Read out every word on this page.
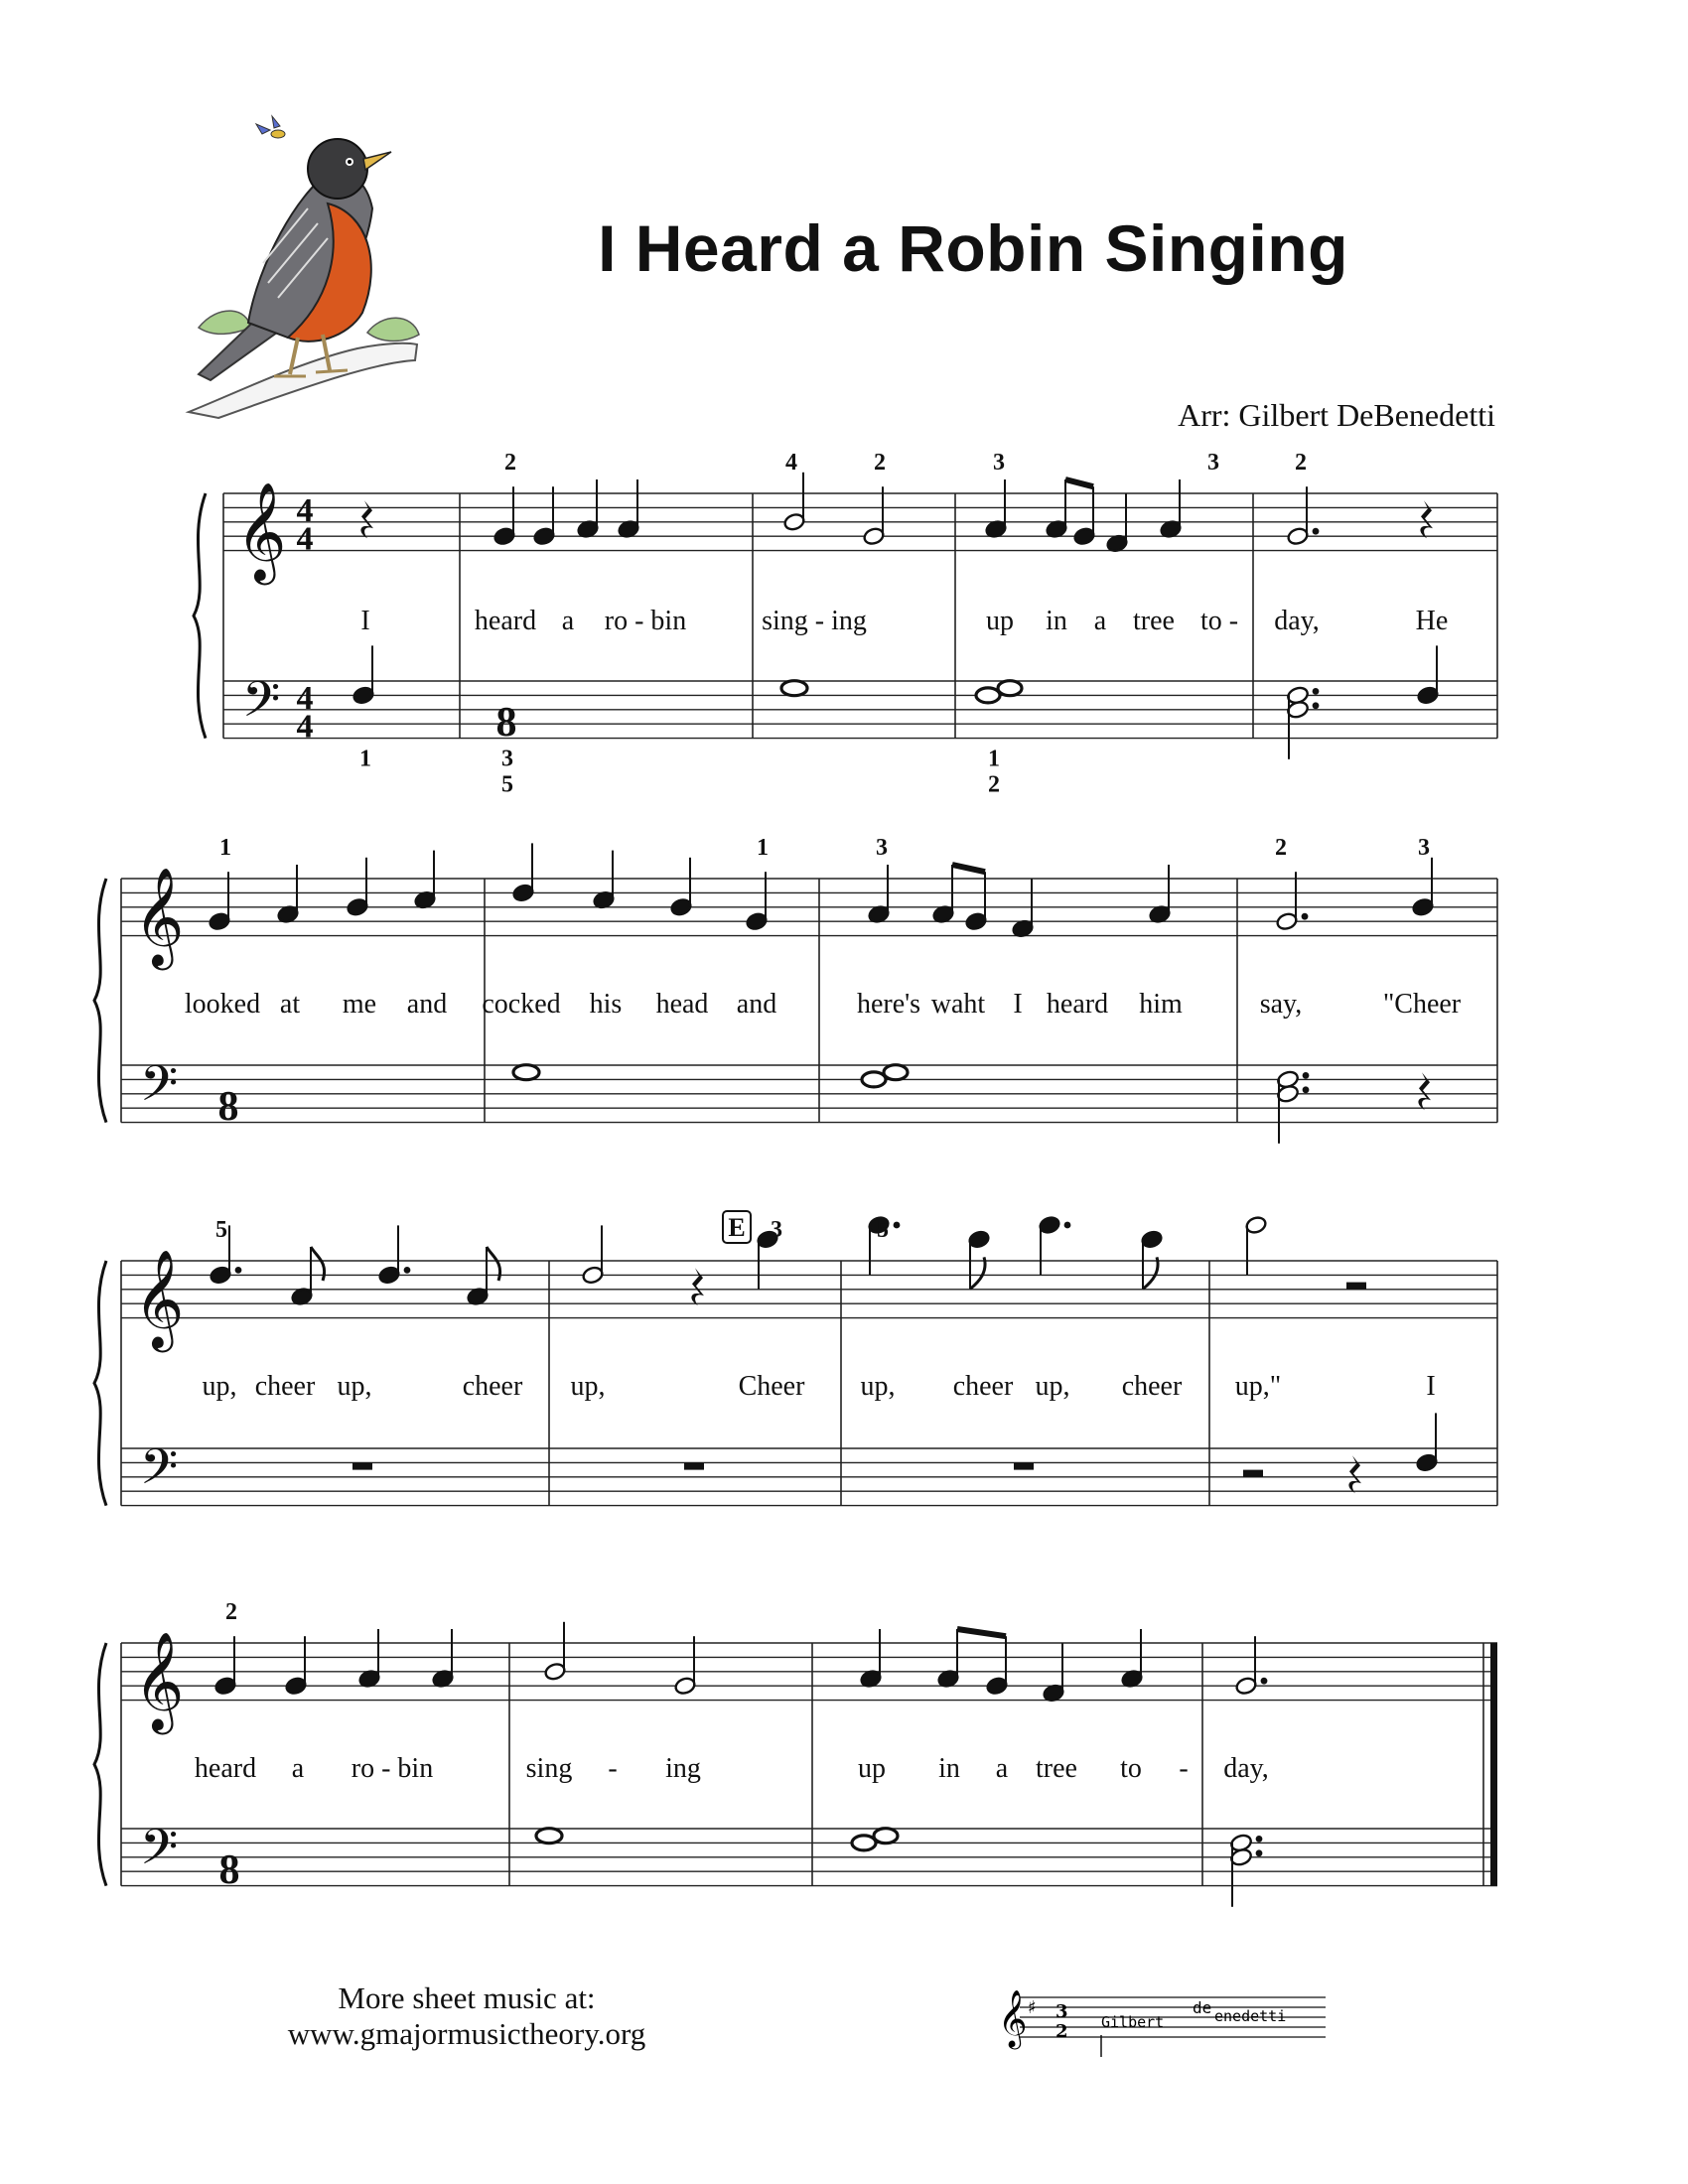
I Heard a Robin Singing
Arr: Gilbert DeBenedetti
𝄞
𝄢
4
4
4
4
2	4	2	3	3	2
I	heard a ro - bin	sing - ing	up in a tree to - day,	He
8
1	3
5
1
2
𝄞
𝄢
1	1	3	2	3
looked at me and cocked his head and	here's waht I heard him	say,	"Cheer
8
𝄞
𝄢
5	3	5
E
up, cheer up,	cheer up,	Cheer up, cheer up, cheer up,"	I
𝄞
𝄢
2
heard a ro - bin	sing - ing	up in a tree to - day,
8
More sheet music at:
www.gmajormusictheory.org	𝄞 ♯ 3
2 Gilbert
de enedetti
